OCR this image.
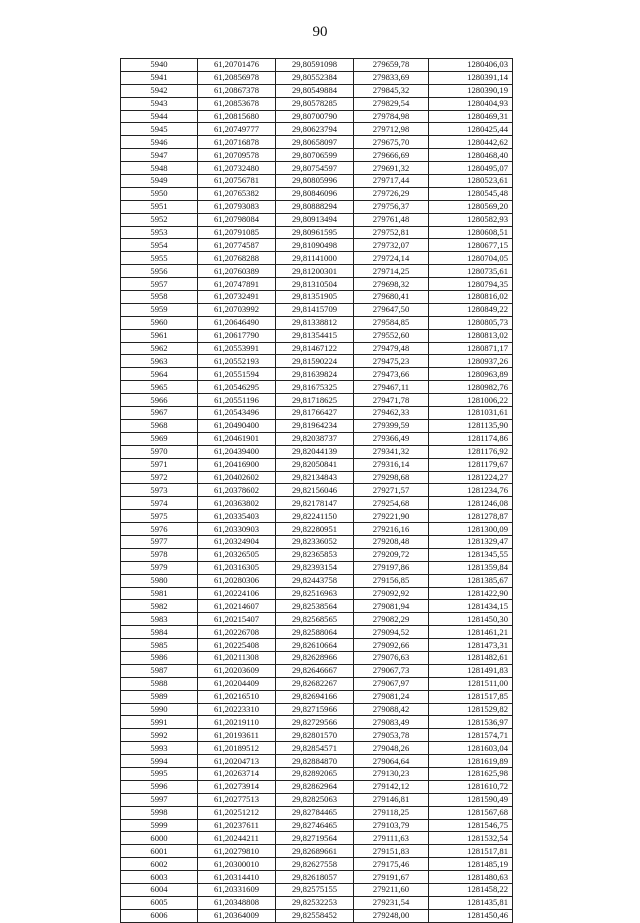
90
5940	61,20701476	29,80591098	279659,78	1280406,03
5941	61,20856978	29,80552384	279833,69	1280391,14
5942	61,20867378	29,80549884	279845,32	1280390,19
5943	61,20853678	29,80578285	279829,54	1280404,93
5944	61,20815680	29,80700790	279784,98	1280469,31
5945	61,20749777	29,80623794	279712,98	1280425,44
5946	61,20716878	29,80658097	279675,70	1280442,62
5947	61,20709578	29,80706599	279666,69	1280468,40
5948	61,20732480	29,80754597	279691,32	1280495,07
5949	61,20756781	29,80805996	279717,44	1280523,61
5950	61,20765382	29,80846096	279726,29	1280545,48
5951	61,20793083	29,80888294	279756,37	1280569,20
5952	61,20798084	29,80913494	279761,48	1280582,93
5953	61,20791085	29,80961595	279752,81	1280608,51
5954	61,20774587	29,81090498	279732,07	1280677,15
5955	61,20768288	29,81141000	279724,14	1280704,05
5956	61,20760389	29,81200301	279714,25	1280735,61
5957	61,20747891	29,81310504	279698,32	1280794,35
5958	61,20732491	29,81351905	279680,41	1280816,02
5959	61,20703992	29,81415709	279647,50	1280849,22
5960	61,20646490	29,81338812	279584,85	1280805,73
5961	61,20617790	29,81354415	279552,60	1280813,02
5962	61,20553991	29,81467122	279479,48	1280871,17
5963	61,20552193	29,81590224	279475,23	1280937,26
5964	61,20551594	29,81639824	279473,66	1280963,89
5965	61,20546295	29,81675325	279467,11	1280982,76
5966	61,20551196	29,81718625	279471,78	1281006,22
5967	61,20543496	29,81766427	279462,33	1281031,61
5968	61,20490400	29,81964234	279399,59	1281135,90
5969	61,20461901	29,82038737	279366,49	1281174,86
5970	61,20439400	29,82044139	279341,32	1281176,92
5971	61,20416900	29,82050841	279316,14	1281179,67
5972	61,20402602	29,82134843	279298,68	1281224,27
5973	61,20378602	29,82156046	279271,57	1281234,76
5974	61,20363802	29,82178147	279254,68	1281246,08
5975	61,20335403	29,82241150	279221,90	1281278,87
5976	61,20330903	29,82280951	279216,16	1281300,09
5977	61,20324904	29,82336052	279208,48	1281329,47
5978	61,20326505	29,82365853	279209,72	1281345,55
5979	61,20316305	29,82393154	279197,86	1281359,84
5980	61,20280306	29,82443758	279156,85	1281385,67
5981	61,20224106	29,82516963	279092,92	1281422,90
5982	61,20214607	29,82538564	279081,94	1281434,15
5983	61,20215407	29,82568565	279082,29	1281450,30
5984	61,20226708	29,82588064	279094,52	1281461,21
5985	61,20225408	29,82610664	279092,66	1281473,31
5986	61,20211308	29,82628966	279076,63	1281482,61
5987	61,20203609	29,82646667	279067,73	1281491,83
5988	61,20204409	29,82682267	279067,97	1281511,00
5989	61,20216510	29,82694166	279081,24	1281517,85
5990	61,20223310	29,82715966	279088,42	1281529,82
5991	61,20219110	29,82729566	279083,49	1281536,97
5992	61,20193611	29,82801570	279053,78	1281574,71
5993	61,20189512	29,82854571	279048,26	1281603,04
5994	61,20204713	29,82884870	279064,64	1281619,89
5995	61,20263714	29,82892065	279130,23	1281625,98
5996	61,20273914	29,82862964	279142,12	1281610,72
5997	61,20277513	29,82825063	279146,81	1281590,49
5998	61,20251212	29,82784465	279118,25	1281567,68
5999	61,20237611	29,82746465	279103,79	1281546,75
6000	61,20244211	29,82719564	279111,63	1281532,54
6001	61,20279810	29,82689661	279151,83	1281517,81
6002	61,20300010	29,82627558	279175,46	1281485,19
6003	61,20314410	29,82618057	279191,67	1281480,63
6004	61,20331609	29,82575155	279211,60	1281458,22
6005	61,20348808	29,82532253	279231,54	1281435,81
6006	61,20364009	29,82558452	279248,00	1281450,46
